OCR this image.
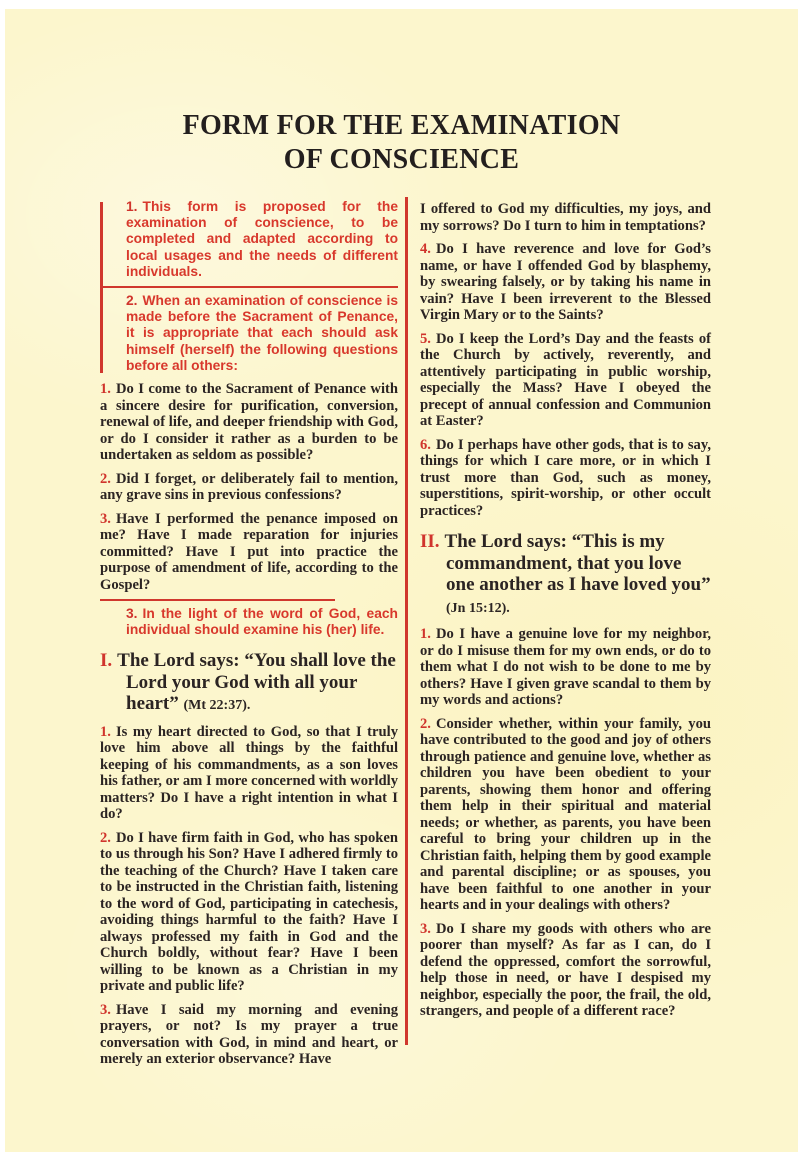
FORM FOR THE EXAMINATION
OF CONSCIENCE

1. This form is proposed for the examination of conscience, to be completed and adapted according to local usages and the needs of different individuals.

2. When an examination of conscience is made before the Sacrament of Penance, it is appropriate that each should ask himself (herself) the following questions before all others:

1. Do I come to the Sacrament of Penance with a sincere desire for purification, conversion, renewal of life, and deeper friendship with God, or do I consider it rather as a burden to be undertaken as seldom as possible?

2. Did I forget, or deliberately fail to mention, any grave sins in previous confessions?

3. Have I performed the penance imposed on me? Have I made reparation for injuries committed? Have I put into practice the purpose of amendment of life, according to the Gospel?

3. In the light of the word of God, each individual should examine his (her) life.

I. The Lord says: “You shall love the Lord your God with all your heart” (Mt 22:37).

1. Is my heart directed to God, so that I truly love him above all things by the faithful keeping of his commandments, as a son loves his father, or am I more concerned with worldly matters? Do I have a right intention in what I do?

2. Do I have firm faith in God, who has spoken to us through his Son? Have I adhered firmly to the teaching of the Church? Have I taken care to be instructed in the Christian faith, listening to the word of God, participating in catechesis, avoiding things harmful to the faith? Have I always professed my faith in God and the Church boldly, without fear? Have I been willing to be known as a Christian in my private and public life?

3. Have I said my morning and evening prayers, or not? Is my prayer a true conversation with God, in mind and heart, or merely an exterior observance? Have

I offered to God my difficulties, my joys, and my sorrows? Do I turn to him in temptations?

4. Do I have reverence and love for God’s name, or have I offended God by blasphemy, by swearing falsely, or by taking his name in vain? Have I been irreverent to the Blessed Virgin Mary or to the Saints?

5. Do I keep the Lord’s Day and the feasts of the Church by actively, reverently, and attentively participating in public worship, especially the Mass? Have I obeyed the precept of annual confession and Communion at Easter?

6. Do I perhaps have other gods, that is to say, things for which I care more, or in which I trust more than God, such as money, superstitions, spirit-worship, or other occult practices?

II. The Lord says: “This is my commandment, that you love one another as I have loved you” (Jn 15:12).

1. Do I have a genuine love for my neighbor, or do I misuse them for my own ends, or do to them what I do not wish to be done to me by others? Have I given grave scandal to them by my words and actions?

2. Consider whether, within your family, you have contributed to the good and joy of others through patience and genuine love, whether as children you have been obedient to your parents, showing them honor and offering them help in their spiritual and material needs; or whether, as parents, you have been careful to bring your children up in the Christian faith, helping them by good example and parental discipline; or as spouses, you have been faithful to one another in your hearts and in your dealings with others?

3. Do I share my goods with others who are poorer than myself? As far as I can, do I defend the oppressed, comfort the sorrowful, help those in need, or have I despised my neighbor, especially the poor, the frail, the old, strangers, and people of a different race?
